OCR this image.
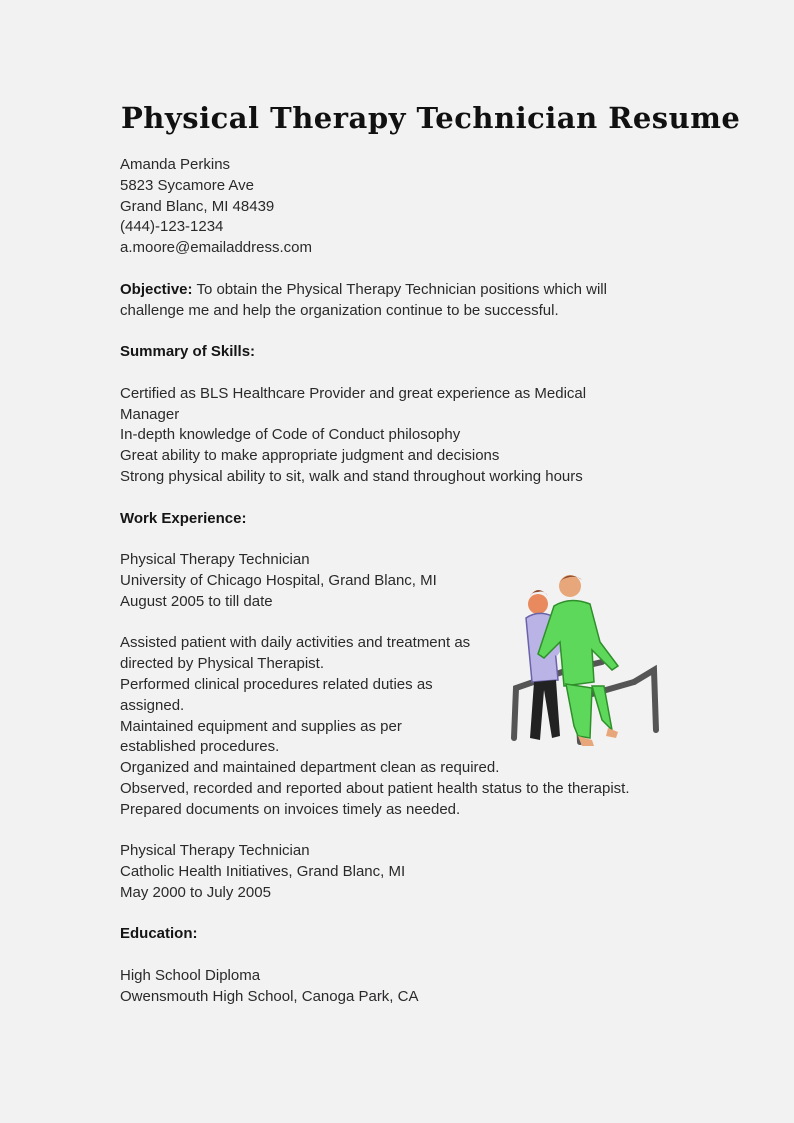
Physical Therapy Technician Resume
Amanda Perkins
5823 Sycamore Ave
Grand Blanc, MI 48439
(444)-123-1234
a.moore@emailaddress.com
Objective: To obtain the Physical Therapy Technician positions which will
challenge me and help the organization continue to be successful.
Summary of Skills:
Certified as BLS Healthcare Provider and great experience as Medical
Manager
In-depth knowledge of Code of Conduct philosophy
Great ability to make appropriate judgment and decisions
Strong physical ability to sit, walk and stand throughout working hours
Work Experience:
Physical Therapy Technician
University of Chicago Hospital, Grand Blanc, MI
August 2005 to till date
Assisted patient with daily activities and treatment as
directed by Physical Therapist.
Performed clinical procedures related duties as
assigned.
Maintained equipment and supplies as per
established procedures.
Organized and maintained department clean as required.
Observed, recorded and reported about patient health status to the therapist.
Prepared documents on invoices timely as needed.
Physical Therapy Technician
Catholic Health Initiatives, Grand Blanc, MI
May 2000 to July 2005
Education:
High School Diploma
Owensmouth High School, Canoga Park, CA
